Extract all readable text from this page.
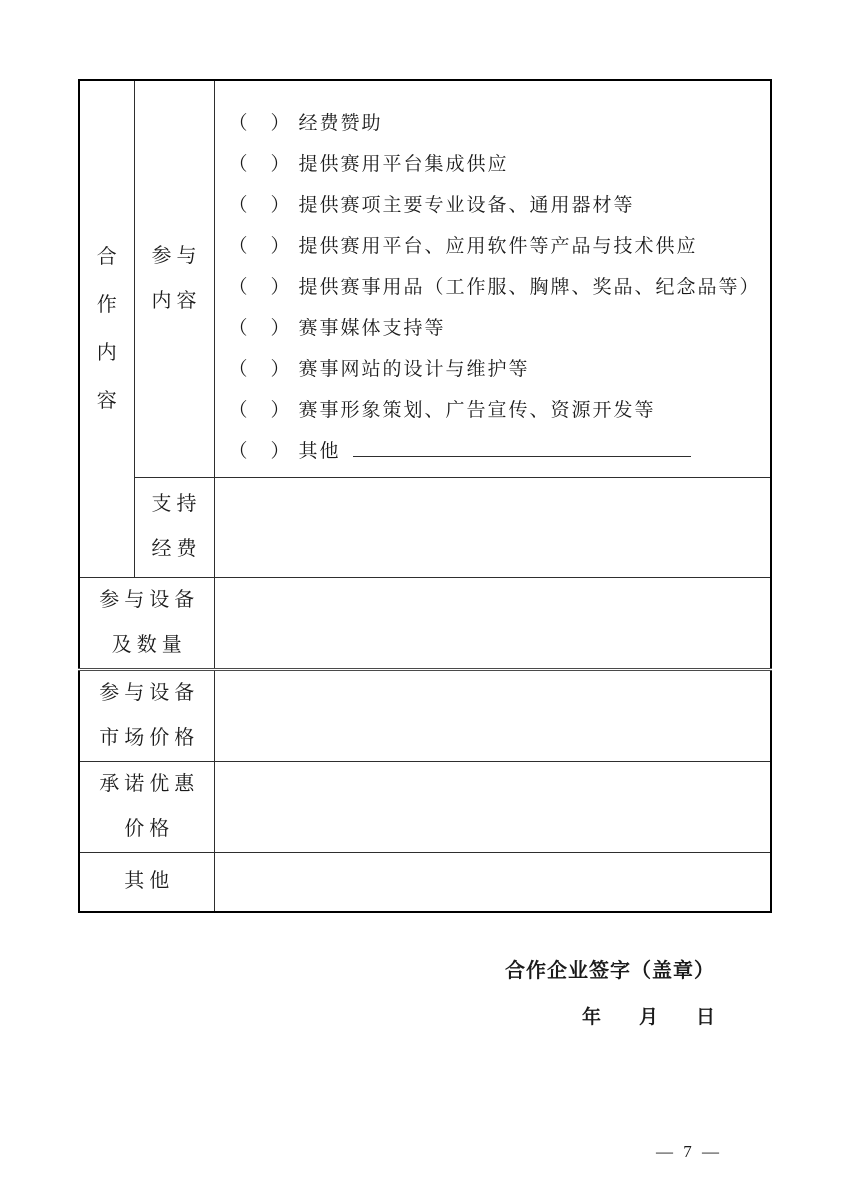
合作内容

参与
内容

（　） 经费赞助
（　） 提供赛用平台集成供应
（　） 提供赛项主要专业设备、通用器材等
（　） 提供赛用平台、应用软件等产品与技术供应
（　） 提供赛事用品（工作服、胸牌、奖品、纪念品等）
（　） 赛事媒体支持等
（　） 赛事网站的设计与维护等
（　） 赛事形象策划、广告宣传、资源开发等
（　） 其他

	支持
经费	

参与设备
及数量		

参与设备
市场价格		

承诺优惠
价格		

其他		

合作企业签字（盖章）
年　　月　　日
— 7 —
